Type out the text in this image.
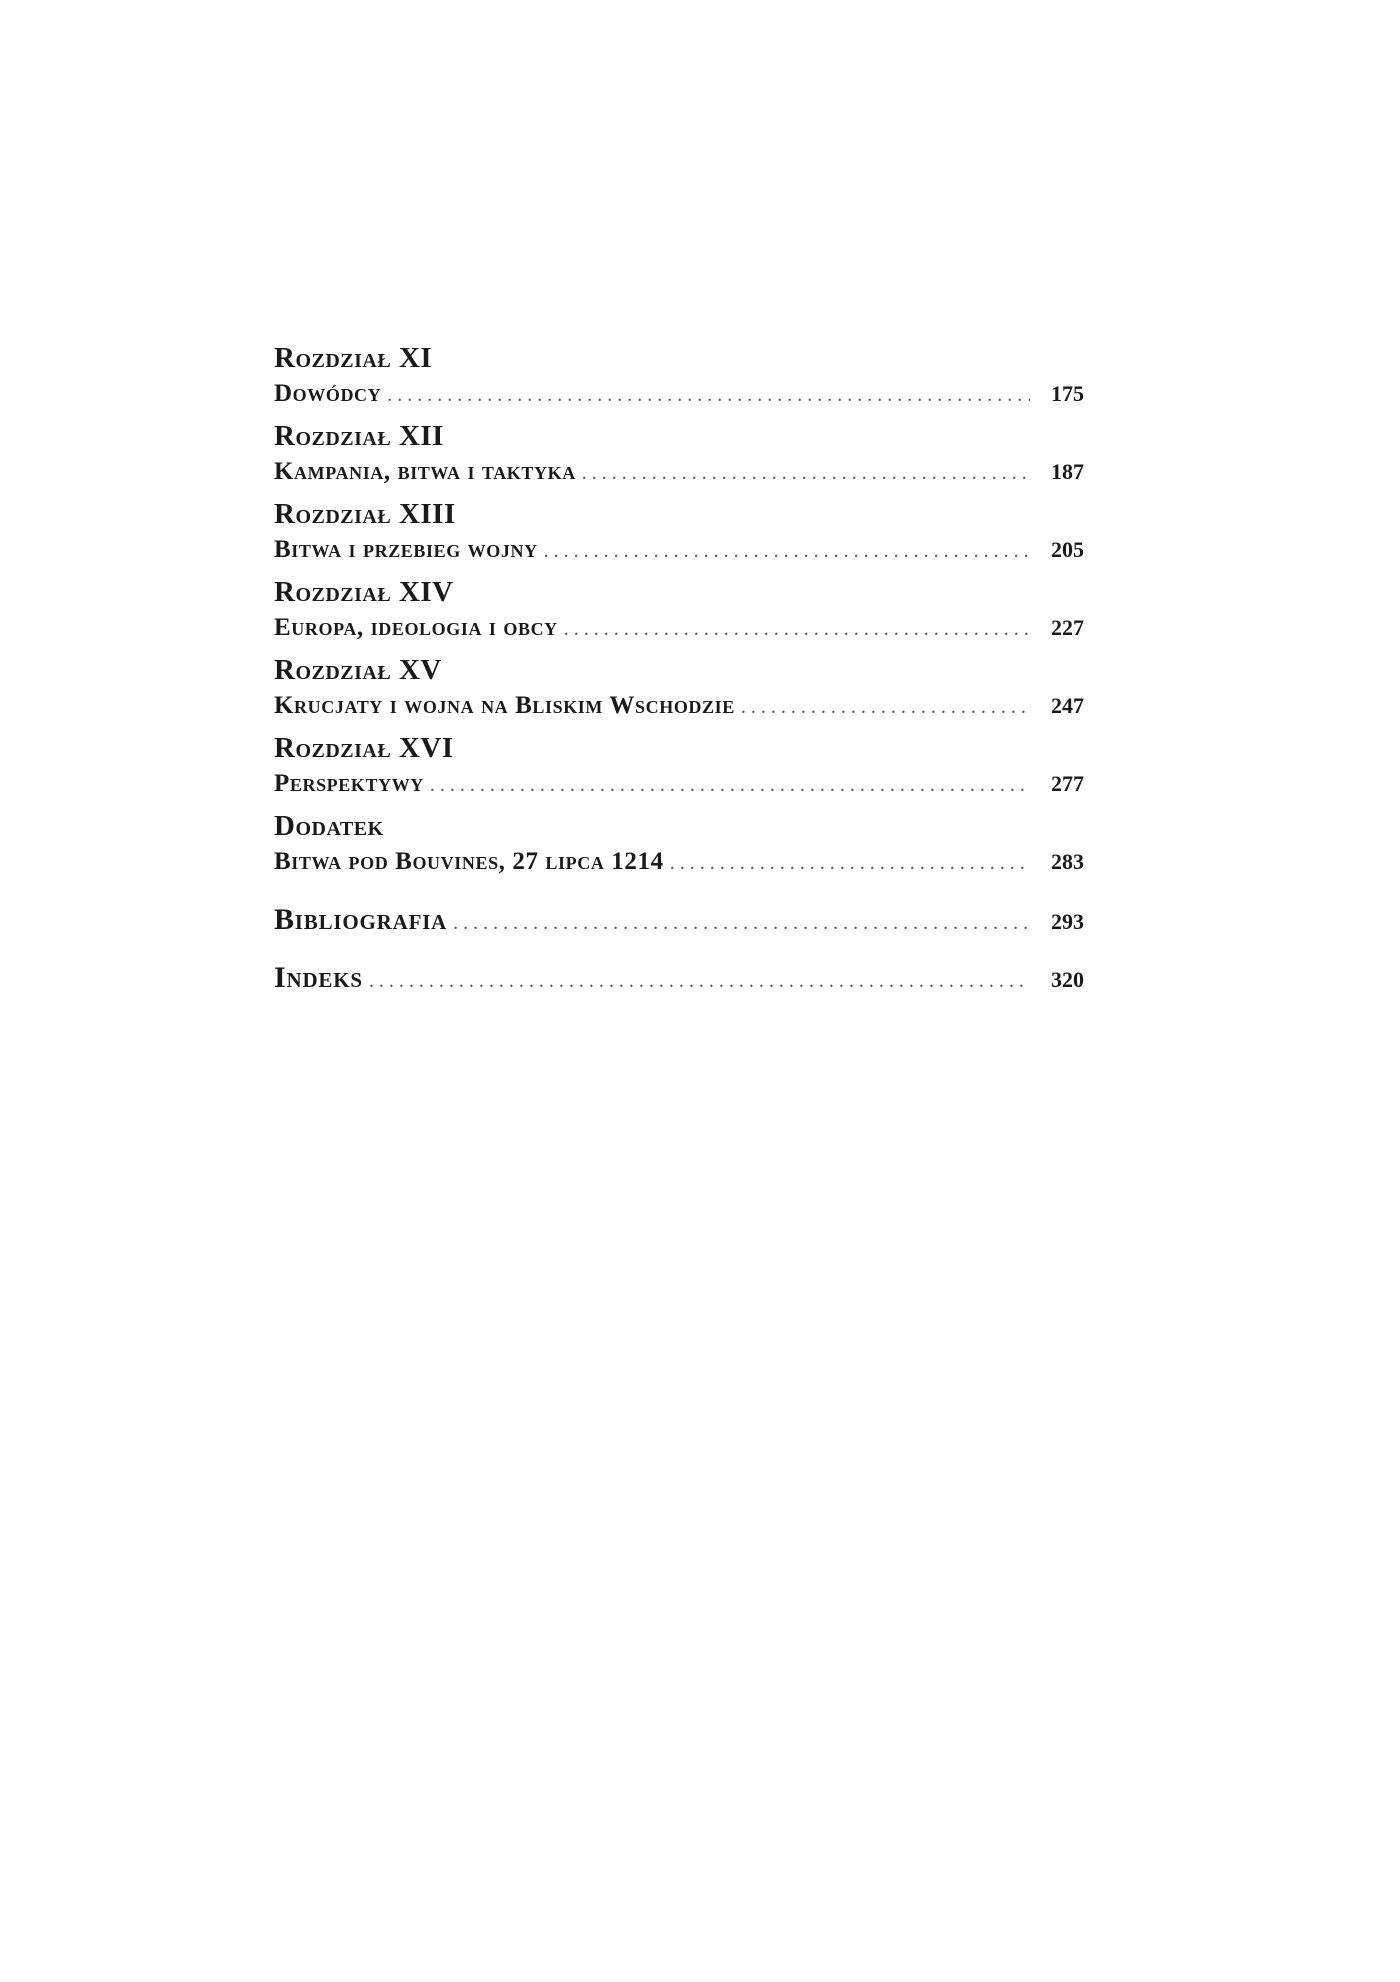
Rozdział XI
Dowódcy . . .	175
Rozdział XII
Kampania, bitwa i taktyka . . .	187
Rozdział XIII
Bitwa i przebieg wojny . . .	205
Rozdział XIV
Europa, ideologia i obcy . . .	227
Rozdział XV
Krucjaty i wojna na Bliskim Wschodzie . . .	247
Rozdział XVI
Perspektywy . . .	277
Dodatek
Bitwa pod Bouvines, 27 lipca 1214 . . .	283
Bibliografia . . .	293
Indeks . . .	320
